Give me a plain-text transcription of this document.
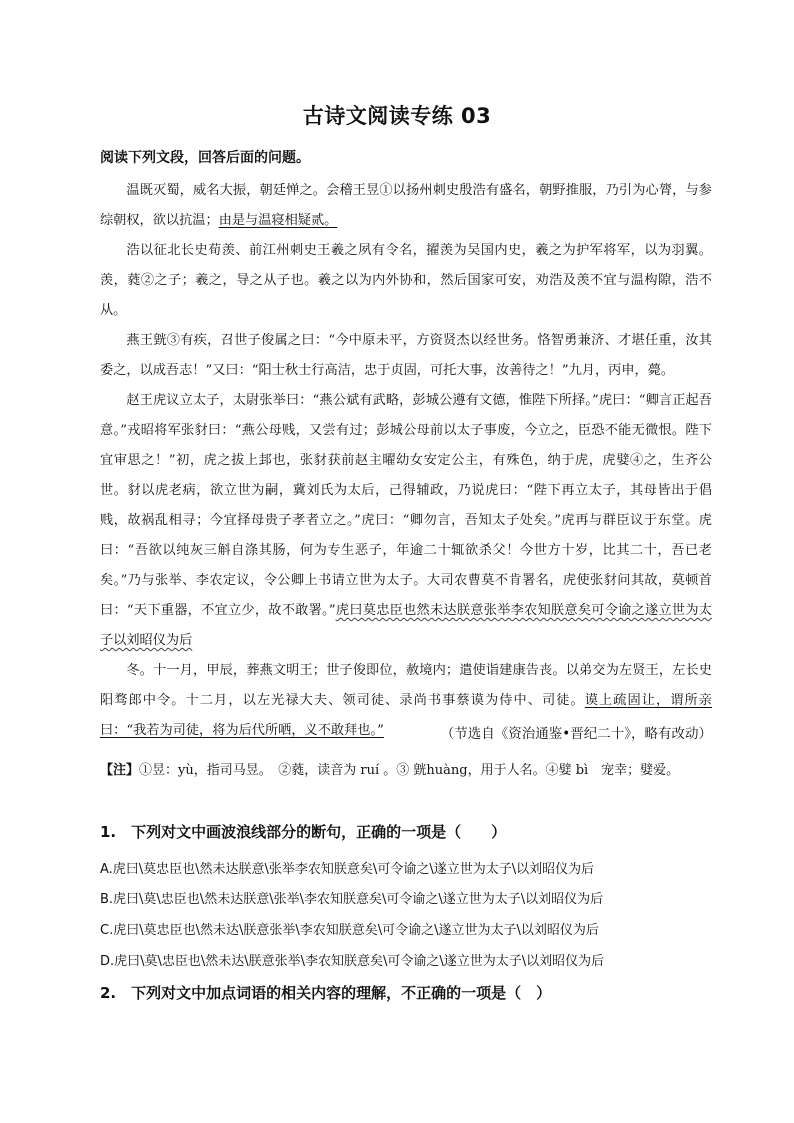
古诗文阅读专练 03
阅读下列文段，回答后面的问题。

温既灭蜀，威名大振，朝廷惮之。会稽王昱①以扬州刺史殷浩有盛名，朝野推服，乃引为心膂，与参综朝权，欲以抗温；由是与温寝相疑贰。

浩以征北长史荀羡、前江州刺史王羲之夙有令名，擢羡为吴国内史，羲之为护军将军，以为羽翼。羡，蕤②之子；羲之，导之从子也。羲之以为内外协和，然后国家可安，劝浩及羡不宜与温构隙，浩不从。

燕王皝③有疾，召世子俊属之曰：“今中原未平，方资贤杰以经世务。恪智勇兼济、才堪任重，汝其委之，以成吾志！”又曰：“阳士秋士行高洁，忠于贞固，可托大事，汝善待之！”九月，丙申，薨。

赵王虎议立太子，太尉张举曰：“燕公斌有武略，彭城公遵有文德，惟陛下所择。”虎曰：“卿言正起吾意。”戎昭将军张豺曰：“燕公母贱，又尝有过；彭城公母前以太子事废，今立之，臣恐不能无微恨。陛下宜审思之！”初，虎之拔上邽也，张豺获前赵主曜幼女安定公主，有殊色，纳于虎，虎嬖④之，生齐公世。豺以虎老病，欲立世为嗣，冀刘氏为太后，己得辅政，乃说虎曰：“陛下再立太子，其母皆出于倡贱，故祸乱相寻；今宜择母贵子孝者立之。”虎曰：“卿勿言，吾知太子处矣。”虎再与群臣议于东堂。虎曰：“吾欲以纯灰三斛自涤其肠，何为专生恶子，年逾二十辄欲杀父！今世方十岁，比其二十，吾已老矣。”乃与张举、李农定议，令公卿上书请立世为太子。大司农曹莫不肯署名，虎使张豺问其故，莫顿首曰：“天下重器，不宜立少，故不敢署。”虎曰莫忠臣也然未达朕意张举李农知朕意矣可令谕之遂立世为太子以刘昭仪为后

冬。十一月，甲辰，葬燕文明王；世子俊即位，赦境内；遣使诣建康告丧。以弟交为左贤王，左长史阳骛郎中令。十二月，以左光禄大夫、领司徒、录尚书事蔡谟为侍中、司徒。谟上疏固让，谓所亲曰：“我若为司徒，将为后代所哂，义不敢拜也。”	（节选自《资治通鉴•晋纪二十》，略有改动）
【注】①昱：yù，指司马昱。　②蕤，读音为 ruí 。③ 皝huàng，用于人名。④嬖 bì　宠幸；嬖爱。
1.　下列对文中画波浪线部分的断句，正确的一项是（　　）
A.虎曰\莫忠臣也\然未达朕意\张举李农知朕意矣\可令谕之\遂立世为太子\以刘昭仪为后
B.虎曰\莫\忠臣也\然未达朕意\张举\李农知朕意矣\可令谕之\遂立世为太子\以刘昭仪为后
C.虎曰\莫忠臣也\然未达\朕意张举\李农知朕意矣\可令谕之\遂立世为太子\以刘昭仪为后
D.虎曰\莫\忠臣也\然未达\朕意张举\李农知朕意矣\可令谕之\遂立世为太子\以刘昭仪为后
2.　下列对文中加点词语的相关内容的理解，不正确的一项是（　）
